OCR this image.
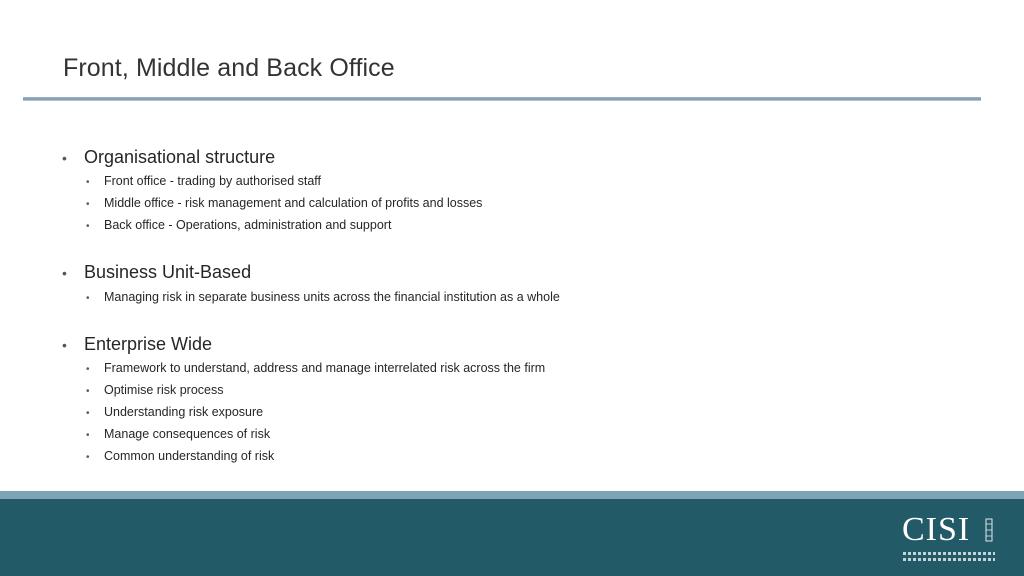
Front, Middle and Back Office
• Organisational structure
•	Front office - trading by authorised staff
•	Middle office - risk management and calculation of profits and losses
•	Back office - Operations, administration and support
• Business Unit-Based
•	Managing risk in separate business units across the financial institution as a whole
• Enterprise Wide
•	Framework to understand, address and manage interrelated risk across the firm
•	Optimise risk process
•	Understanding risk exposure
•	Manage consequences of risk
•	Common understanding of risk
CISI
